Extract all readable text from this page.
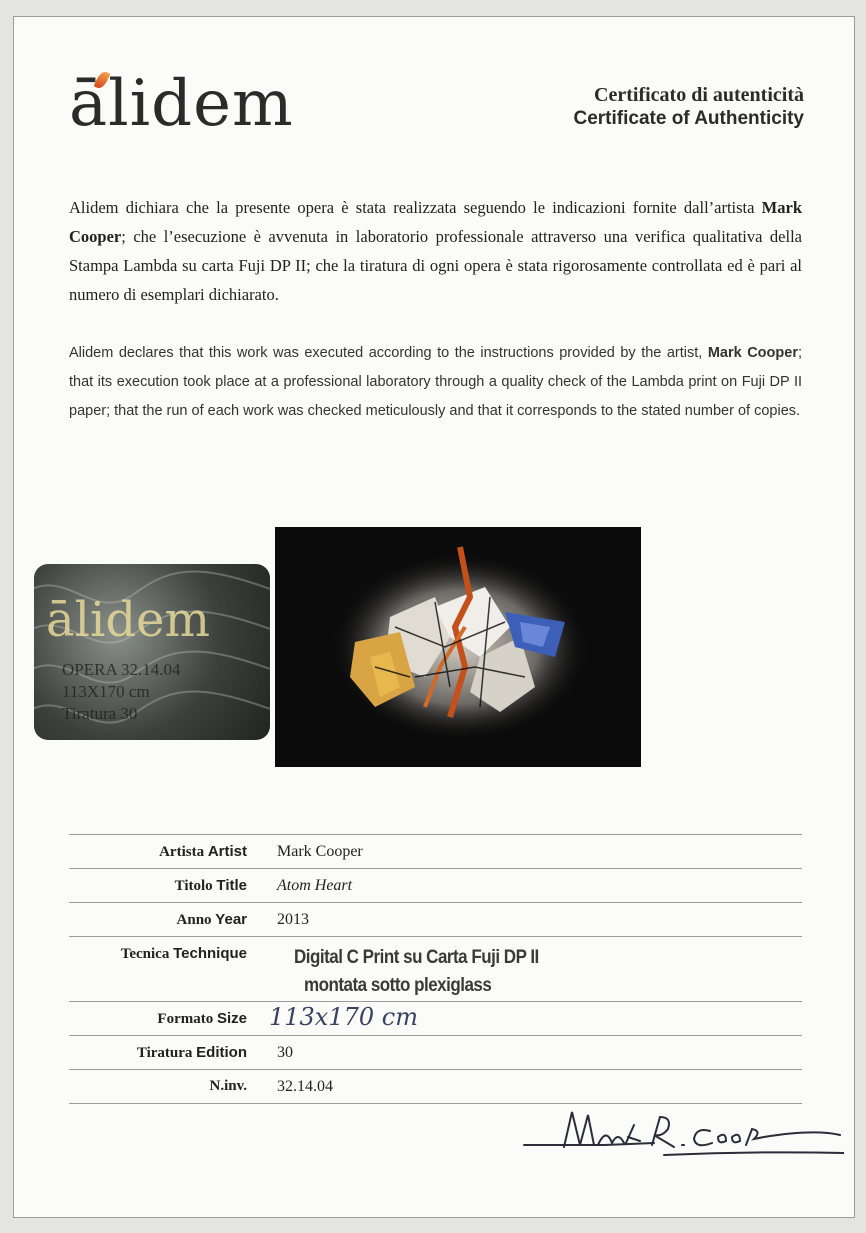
ālidem	Certificato di autenticità
Certificate of Authenticity
Alidem dichiara che la presente opera è stata realizzata seguendo le indicazioni fornite dall’artista Mark Cooper; che l’esecuzione è avvenuta in laboratorio professionale attraverso una verifica qualitativa della Stampa Lambda su carta Fuji DP II; che la tiratura di ogni opera è stata rigorosamente controllata ed è pari al numero di esemplari dichiarato.
Alidem declares that this work was executed according to the instructions provided by the artist, Mark Cooper; that its execution took place at a professional laboratory through a quality check of the Lambda print on Fuji DP II paper; that the run of each work was checked meticulously and that it corresponds to the stated number of copies.
ālidem
OPERA 32.14.04
113X170 cm
Tiratura 30
Artista Artist Mark Cooper
Titolo Title Atom Heart
Anno Year 2013
Tecnica Technique	Digital C Print su Carta Fuji DP II
montata sotto plexiglass
Formato Size 113x170 cm
Tiratura Edition 30
N.inv. 32.14.04
